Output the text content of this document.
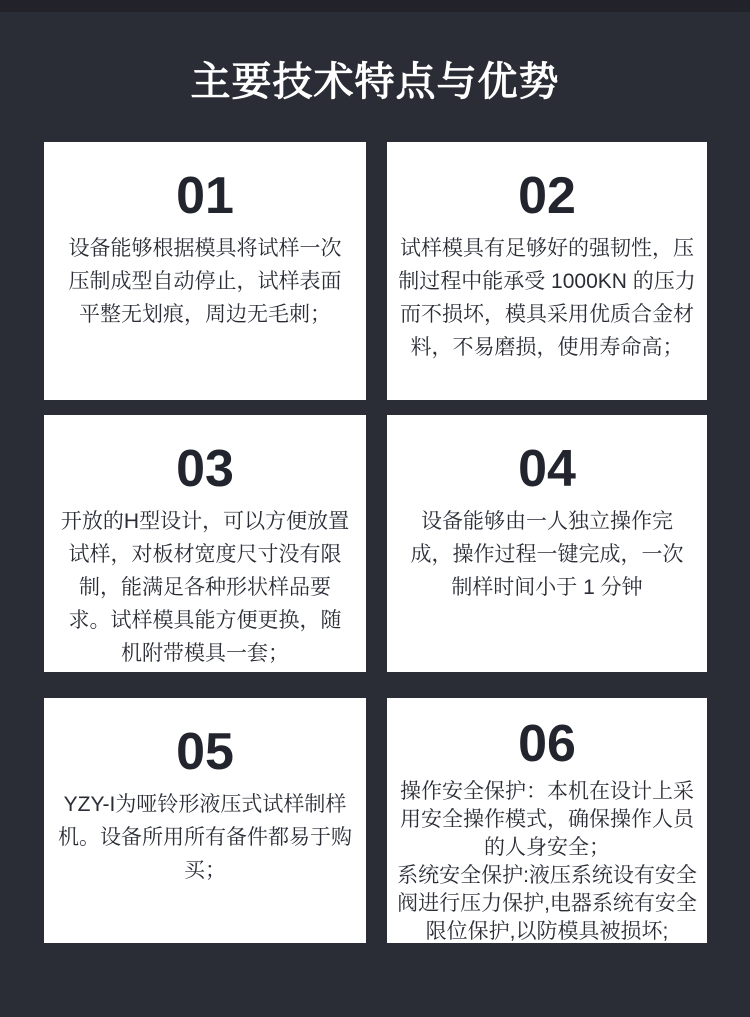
主要技术特点与优势
01

设备能够根据模具将试样一次压制成型自动停止，试样表面平整无划痕，周边无毛刺；

02

试样模具有足够好的强韧性，压制过程中能承受 1000KN 的压力而不损坏，模具采用优质合金材料，不易磨损，使用寿命高；

03

开放的H型设计，可以方便放置试样，对板材宽度尺寸没有限制，能满足各种形状样品要求。试样模具能方便更换，随机附带模具一套；

04

设备能够由一人独立操作完成，操作过程一键完成，一次制样时间小于 1 分钟

05

YZY-I为哑铃形液压式试样制样机。设备所用所有备件都易于购买；

06

操作安全保护：本机在设计上采用安全操作模式，确保操作人员的人身安全；

系统安全保护:液压系统设有安全阀进行压力保护,电器系统有安全限位保护,以防模具被损坏;
